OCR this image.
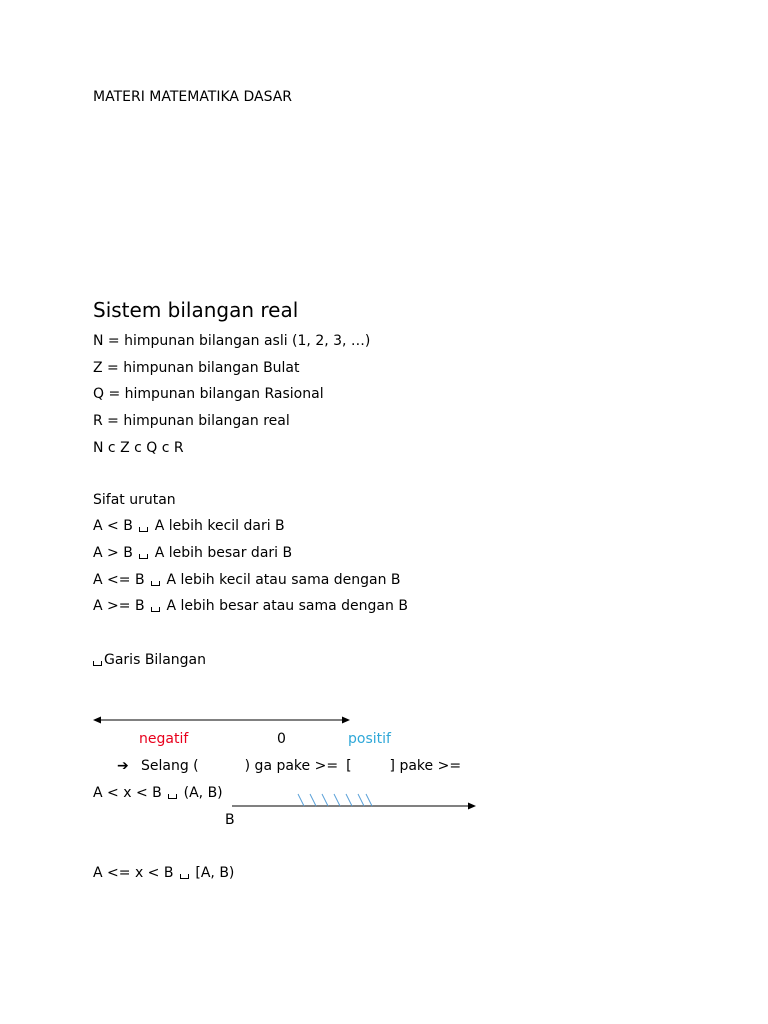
MATERI MATEMATIKA DASAR
Sistem bilangan real
N = himpunan bilangan asli (1, 2, 3, …)
Z = himpunan bilangan Bulat
Q = himpunan bilangan Rasional
R = himpunan bilangan real
N c Z c Q c R
Sifat urutan
A < B A lebih kecil dari B
A > B A lebih besar dari B
A <= B A lebih kecil atau sama dengan B
A >= B A lebih besar atau sama dengan B
Garis Bilangan
negatif	0	positif
➔ Selang (	) ga pake >= [	] pake >=
A < x < B (A, B)
B
A <= x < B [A, B)
